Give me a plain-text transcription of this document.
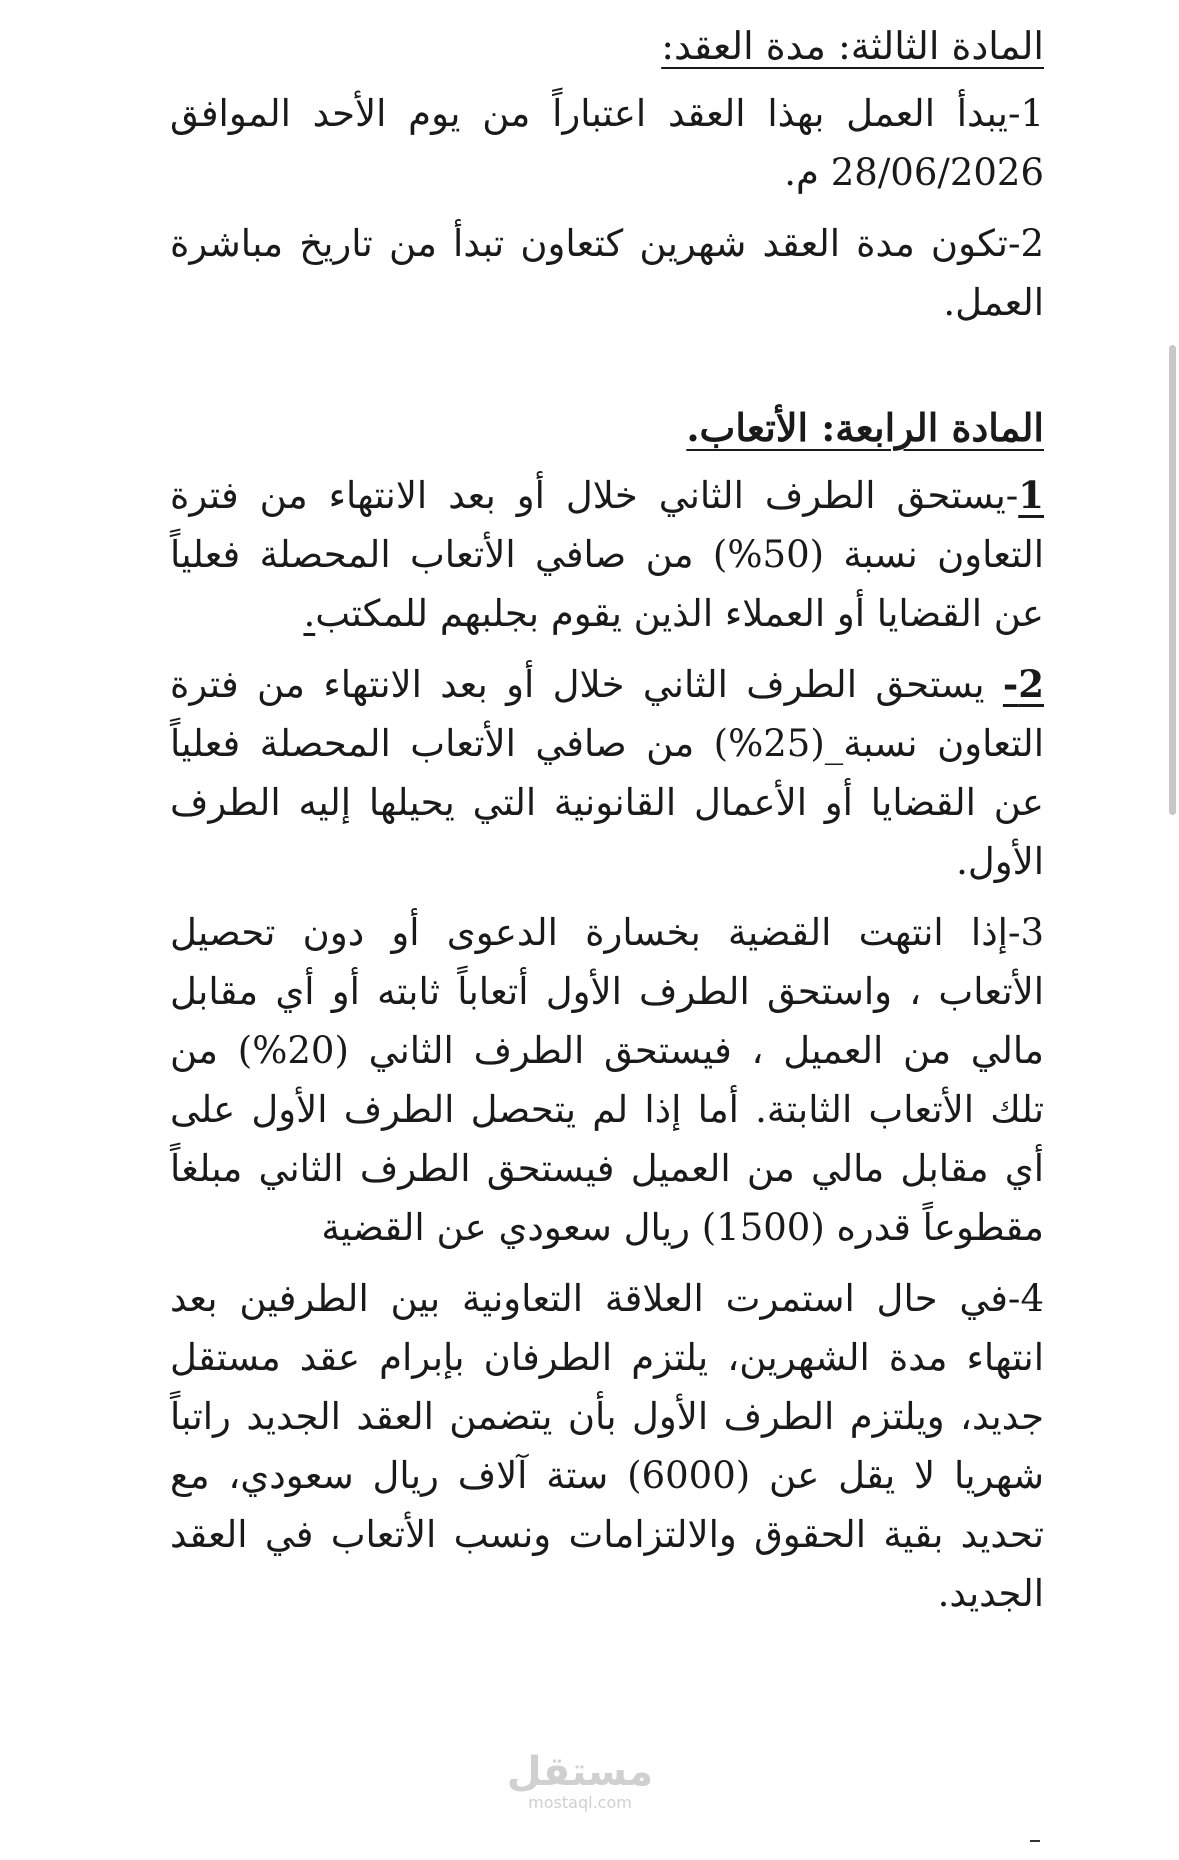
المادة الثالثة: مدة العقد:

1-يبدأ العمل بهذا العقد اعتباراً من يوم الأحد الموافق 28/06/2026 م.

2-تكون مدة العقد شهرين كتعاون تبدأ من تاريخ مباشرة العمل.

المادة الرابعة: الأتعاب.

1-يستحق الطرف الثاني خلال أو بعد الانتهاء من فترة التعاون نسبة (50%) من صافي الأتعاب المحصلة فعلياً عن القضايا أو العملاء الذين يقوم بجلبهم للمكتب.

2- يستحق الطرف الثاني خلال أو بعد الانتهاء من فترة التعاون نسبة_(25%) من صافي الأتعاب المحصلة فعلياً عن القضايا أو الأعمال القانونية التي يحيلها إليه الطرف الأول.

3-إذا انتهت القضية بخسارة الدعوى أو دون تحصيل الأتعاب ، واستحق الطرف الأول أتعاباً ثابته أو أي مقابل مالي من العميل ، فيستحق الطرف الثاني (20%) من تلك الأتعاب الثابتة. أما إذا لم يتحصل الطرف الأول على أي مقابل مالي من العميل فيستحق الطرف الثاني مبلغاً مقطوعاً قدره (1500) ريال سعودي عن القضية

4-في حال استمرت العلاقة التعاونية بين الطرفين بعد انتهاء مدة الشهرين، يلتزم الطرفان بإبرام عقد مستقل جديد، ويلتزم الطرف الأول بأن يتضمن العقد الجديد راتباً شهريا لا يقل عن (6000) ستة آلاف ريال سعودي، مع تحديد بقية الحقوق والالتزامات ونسب الأتعاب في العقد الجديد.

مستقل
mostaql.com
